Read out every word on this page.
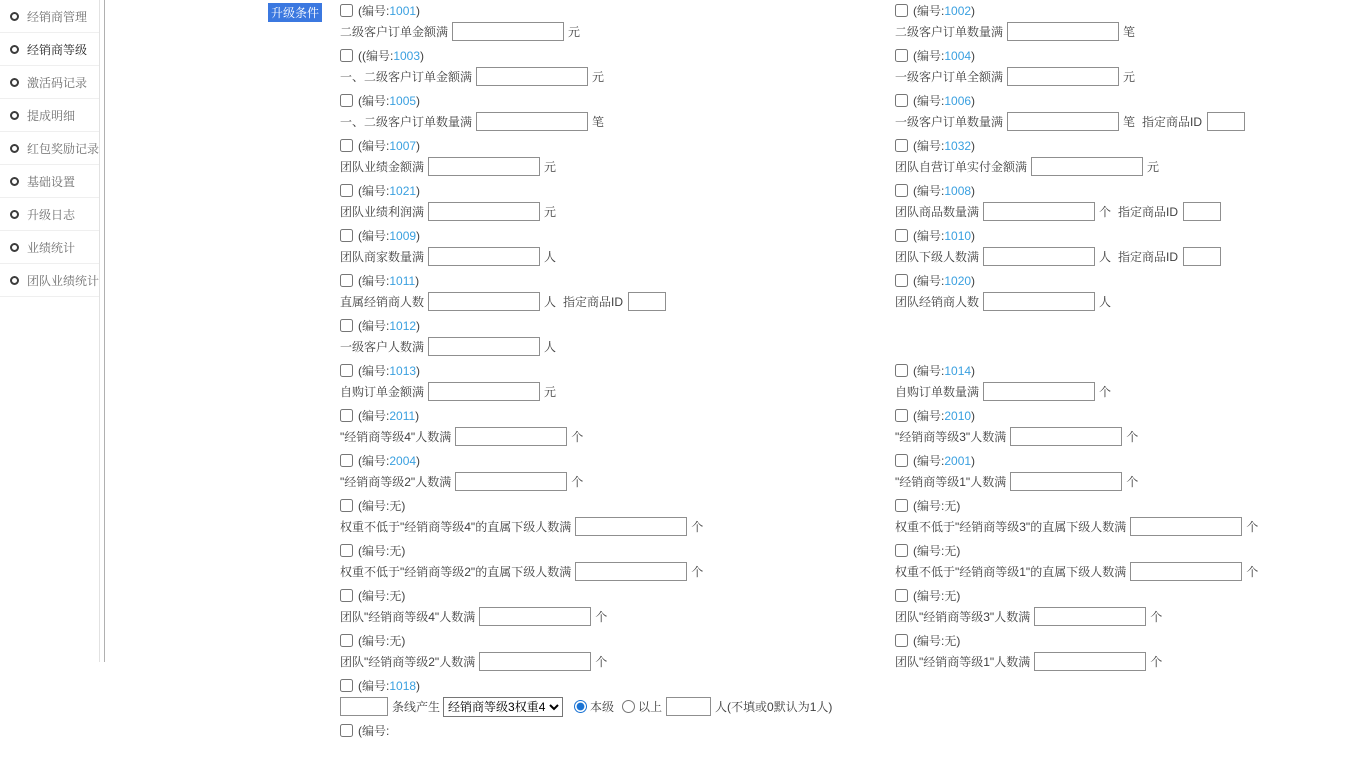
经销商管理
经销商等级
激活码记录
提成明细
红包奖励记录
基础设置
升级日志
业绩统计
团队业绩统计
升级条件	(编号:1001)
二级客户订单金额满	元
(编号:1002)
二级客户订单数量满	笔
((编号:1003)
一、二级客户订单金额满	元
(编号:1004)
一级客户订单全额满	元
(编号:1005)
一、二级客户订单数量满	笔
(编号:1006)
一级客户订单数量满	笔 指定商品ID
(编号:1007)
团队业绩金额满	元
(编号:1032)
团队自营订单实付金额满	元
(编号:1021)
团队业绩利润满	元
(编号:1008)
团队商品数量满	个 指定商品ID
(编号:1009)
团队商家数量满	人
(编号:1010)
团队下级人数满	人 指定商品ID
(编号:1011)
直属经销商人数	人 指定商品ID
(编号:1020)
团队经销商人数	人
(编号:1012)
一级客户人数满	人
(编号:1013)
自购订单金额满	元
(编号:1014)
自购订单数量满	个
(编号:2011)
"经销商等级4"人数满	个
(编号:2010)
"经销商等级3"人数满	个
(编号:2004)
"经销商等级2"人数满	个
(编号:2001)
"经销商等级1"人数满	个
(编号:无)
权重不低于"经销商等级4"的直属下级人数满	个
(编号:无)
权重不低于"经销商等级3"的直属下级人数满	个
(编号:无)
权重不低于"经销商等级2"的直属下级人数满	个
(编号:无)
权重不低于"经销商等级1"的直属下级人数满	个
(编号:无)
团队"经销商等级4"人数满	个
(编号:无)
团队"经销商等级3"人数满	个
(编号:无)
团队"经销商等级2"人数满	个
(编号:无)
团队"经销商等级1"人数满	个
(编号:1018)
条线产生
经销商等级3权重4	本级 以上	人(不填或0默认为1人)
(编号:
